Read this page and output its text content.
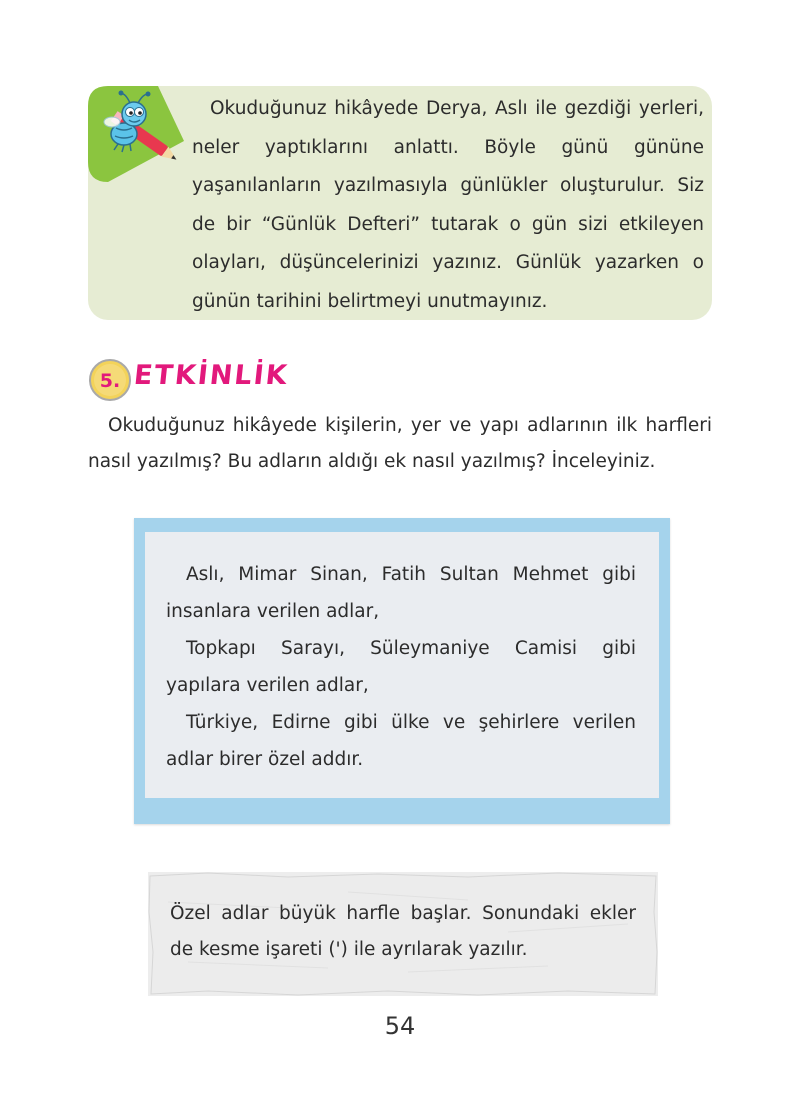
Okuduğunuz hikâyede Derya, Aslı ile gezdiği yerleri, neler yaptıklarını anlattı. Böyle günü gününe yaşanılanların yazılmasıyla günlükler oluşturulur. Siz de bir “Günlük Defteri” tutarak o gün sizi etkileyen olayları, düşüncelerinizi yazınız. Günlük yazarken o günün tarihini belirtmeyi unutmayınız.
5. ETKİNLİK
Okuduğunuz hikâyede kişilerin, yer ve yapı adlarının ilk harfleri nasıl yazılmış? Bu adların aldığı ek nasıl yazılmış? İnceleyiniz.

Aslı, Mimar Sinan, Fatih Sultan Mehmet gibi insanlara verilen adlar,

Topkapı Sarayı, Süleymaniye Camisi gibi yapılara verilen adlar,

Türkiye, Edirne gibi ülke ve şehirlere verilen adlar birer özel addır.

Özel adlar büyük harfle başlar. Sonundaki ekler de kesme işareti (') ile ayrılarak yazılır.
54
